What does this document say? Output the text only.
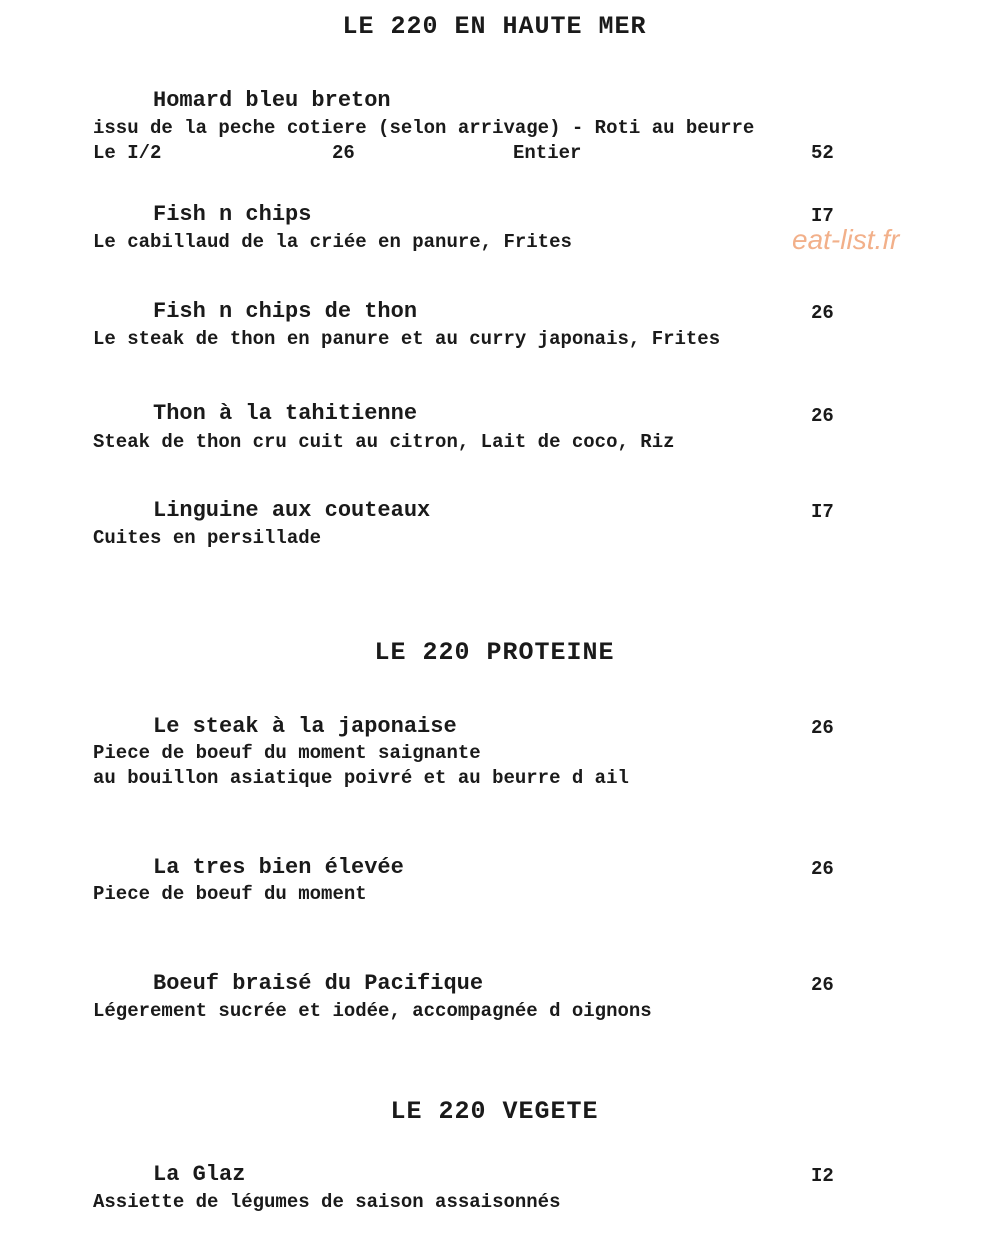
LE 220 EN HAUTE MER
Homard bleu breton
issu de la peche cotiere (selon arrivage) - Roti au beurre
Le I/2	26	Entier	52
Fish n chips	I7
Le cabillaud de la criée en panure, Frites	eat-list.fr
Fish n chips de thon	26
Le steak de thon en panure et au curry japonais, Frites
Thon à la tahitienne	26
Steak de thon cru cuit au citron, Lait de coco, Riz
Linguine aux couteaux	I7
Cuites en persillade
LE 220 PROTEINE
Le steak à la japonaise	26
Piece de boeuf du moment saignante
au bouillon asiatique poivré et au beurre d ail
La tres bien élevée	26
Piece de boeuf du moment
Boeuf braisé du Pacifique	26
Légerement sucrée et iodée, accompagnée d oignons
LE 220 VEGETE
La Glaz	I2
Assiette de légumes de saison assaisonnés
